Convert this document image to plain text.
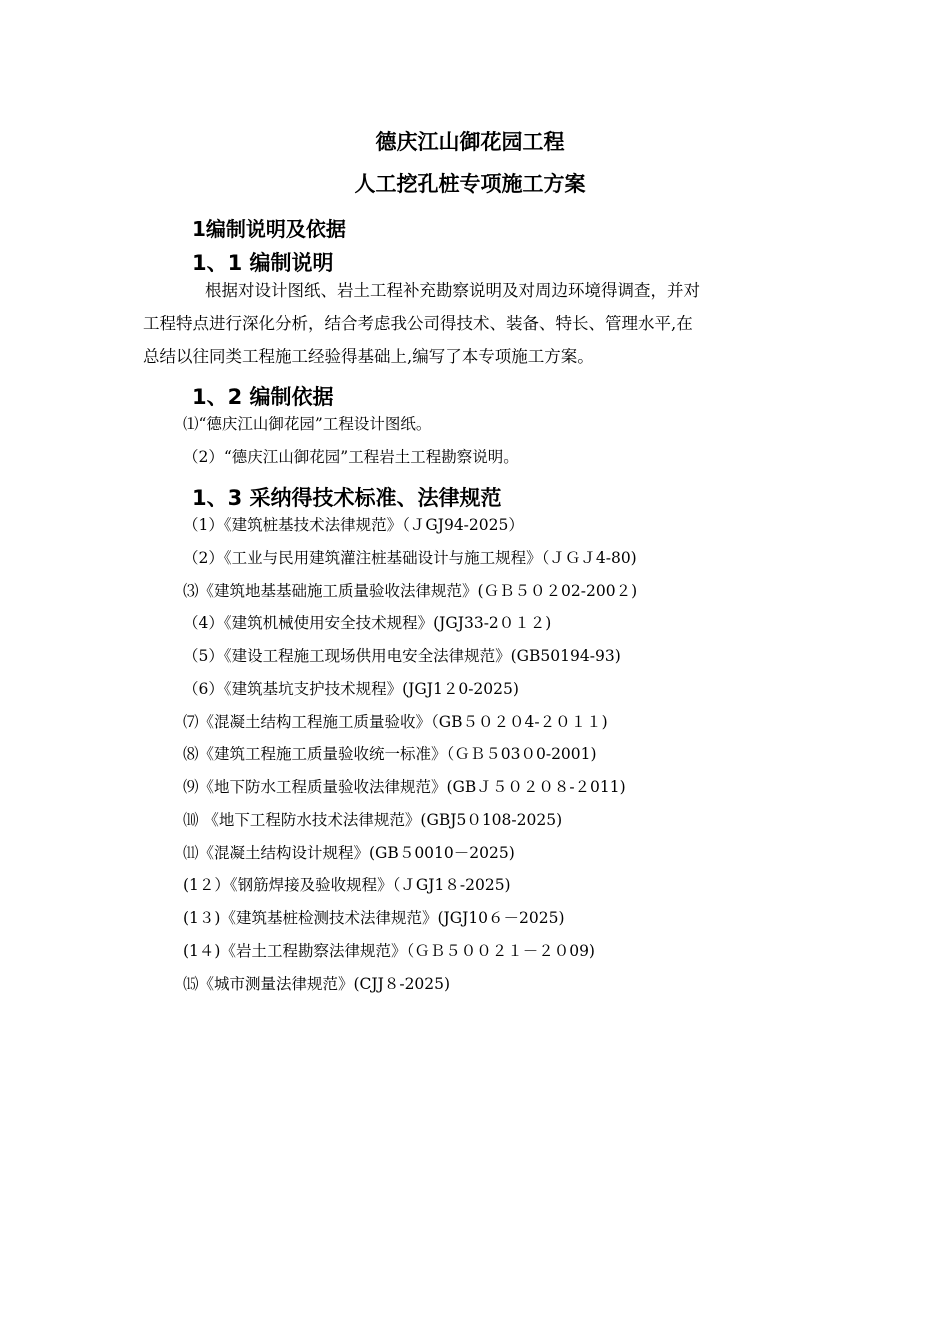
德庆江山御花园工程
人工挖孔桩专项施工方案
1编制说明及依据
1、1 编制说明
根据对设计图纸、岩土工程补充勘察说明及对周边环境得调查，并对
工程特点进行深化分析，结合考虑我公司得技术、装备、特长、管理水平,在
总结以往同类工程施工经验得基础上,编写了本专项施工方案。
1、2 编制依据
⑴“德庆江山御花园”工程设计图纸。
（2）“德庆江山御花园”工程岩土工程勘察说明。
1、3 采纳得技术标准、法律规范
（1）《建筑桩基技术法律规范》（ＪGJ94-2025）
（2）《工业与民用建筑灌注桩基础设计与施工规程》（ＪＧＪ4-80)
⑶《建筑地基基础施工质量验收法律规范》(ＧＢ５０２02-200２)
（4）《建筑机械使用安全技术规程》(JGJ33-2０１２)
（5）《建设工程施工现场供用电安全法律规范》(GB50194-93)
（6）《建筑基坑支护技术规程》(JGJ1２0-2025)
⑺《混凝土结构工程施工质量验收》（GB５０２０4-２０１１)
⑻《建筑工程施工质量验收统一标准》（ＧＢ５03０0-2001)
⑼《地下防水工程质量验收法律规范》(GBＪ５０２０８-２011)
⑽ 《地下工程防水技术法律规范》(GBJ5０108-2025)
⑾《混凝土结构设计规程》(GB５0010－2025)
(1２）《钢筋焊接及验收规程》（ＪGJ1８-2025)
(1３)《建筑基桩检测技术法律规范》(JGJ10６－2025)
(1４)《岩土工程勘察法律规范》（ＧＢ５００２１－２０09)
⒂《城市测量法律规范》(CJJ８-2025)
